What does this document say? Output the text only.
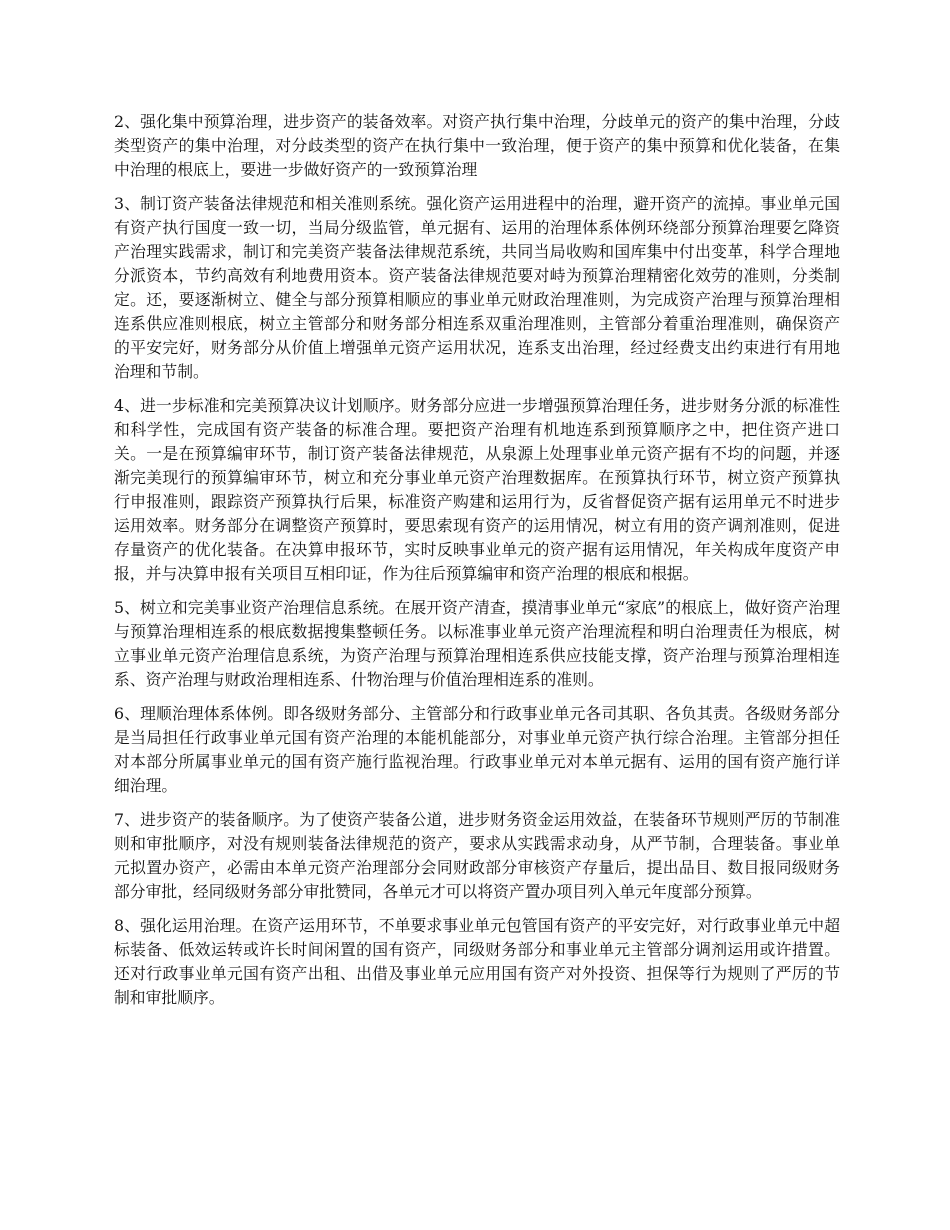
2、强化集中预算治理，进步资产的装备效率。对资产执行集中治理，分歧单元的资产的集中治理，分歧类型资产的集中治理，对分歧类型的资产在执行集中一致治理，便于资产的集中预算和优化装备，在集中治理的根底上，要进一步做好资产的一致预算治理

3、制订资产装备法律规范和相关准则系统。强化资产运用进程中的治理，避开资产的流掉。事业单元国有资产执行国度一致一切，当局分级监管，单元据有、运用的治理体系体例环绕部分预算治理要乞降资产治理实践需求，制订和完美资产装备法律规范系统，共同当局收购和国库集中付出变革，科学合理地分派资本，节约高效有利地费用资本。资产装备法律规范要对峙为预算治理精密化效劳的准则，分类制定。还，要逐渐树立、健全与部分预算相顺应的事业单元财政治理准则，为完成资产治理与预算治理相连系供应准则根底，树立主管部分和财务部分相连系双重治理准则，主管部分着重治理准则，确保资产的平安完好，财务部分从价值上增强单元资产运用状况，连系支出治理，经过经费支出约束进行有用地治理和节制。

4、进一步标准和完美预算决议计划顺序。财务部分应进一步增强预算治理任务，进步财务分派的标准性和科学性，完成国有资产装备的标准合理。要把资产治理有机地连系到预算顺序之中，把住资产进口关。一是在预算编审环节，制订资产装备法律规范，从泉源上处理事业单元资产据有不均的问题，并逐渐完美现行的预算编审环节，树立和充分事业单元资产治理数据库。在预算执行环节，树立资产预算执行申报准则，跟踪资产预算执行后果，标准资产购建和运用行为，反省督促资产据有运用单元不时进步运用效率。财务部分在调整资产预算时，要思索现有资产的运用情况，树立有用的资产调剂准则，促进存量资产的优化装备。在决算申报环节，实时反映事业单元的资产据有运用情况，年关构成年度资产申报，并与决算申报有关项目互相印证，作为往后预算编审和资产治理的根底和根据。

5、树立和完美事业资产治理信息系统。在展开资产清查，摸清事业单元“家底”的根底上，做好资产治理与预算治理相连系的根底数据搜集整顿任务。以标准事业单元资产治理流程和明白治理责任为根底，树立事业单元资产治理信息系统，为资产治理与预算治理相连系供应技能支撑，资产治理与预算治理相连系、资产治理与财政治理相连系、什物治理与价值治理相连系的准则。

6、理顺治理体系体例。即各级财务部分、主管部分和行政事业单元各司其职、各负其责。各级财务部分是当局担任行政事业单元国有资产治理的本能机能部分，对事业单元资产执行综合治理。主管部分担任对本部分所属事业单元的国有资产施行监视治理。行政事业单元对本单元据有、运用的国有资产施行详细治理。

7、进步资产的装备顺序。为了使资产装备公道，进步财务资金运用效益，在装备环节规则严厉的节制准则和审批顺序，对没有规则装备法律规范的资产，要求从实践需求动身，从严节制，合理装备。事业单元拟置办资产，必需由本单元资产治理部分会同财政部分审核资产存量后，提出品目、数目报同级财务部分审批，经同级财务部分审批赞同，各单元才可以将资产置办项目列入单元年度部分预算。

8、强化运用治理。在资产运用环节，不单要求事业单元包管国有资产的平安完好，对行政事业单元中超标装备、低效运转或许长时间闲置的国有资产，同级财务部分和事业单元主管部分调剂运用或许措置。还对行政事业单元国有资产出租、出借及事业单元应用国有资产对外投资、担保等行为规则了严厉的节制和审批顺序。
